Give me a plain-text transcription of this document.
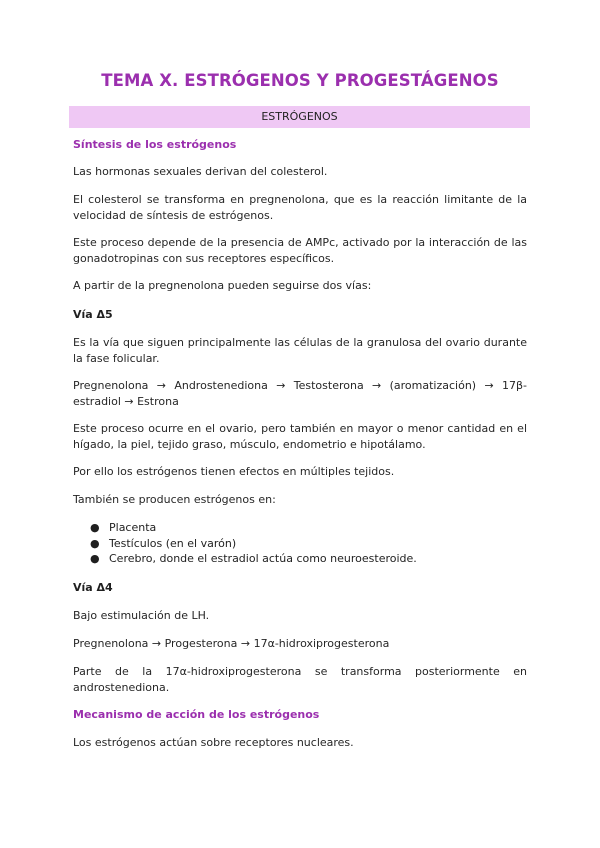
TEMA X. ESTRÓGENOS Y PROGESTÁGENOS
ESTRÓGENOS
Síntesis de los estrógenos
Las hormonas sexuales derivan del colesterol.
El colesterol se transforma en pregnenolona, que es la reacción limitante de la velocidad de síntesis de estrógenos.
Este proceso depende de la presencia de AMPc, activado por la interacción de las gonadotropinas con sus receptores específicos.
A partir de la pregnenolona pueden seguirse dos vías:
Vía Δ5
Es la vía que siguen principalmente las células de la granulosa del ovario durante la fase folicular.
Pregnenolona → Androstenediona → Testosterona → (aromatización) → 17β-estradiol → Estrona
Este proceso ocurre en el ovario, pero también en mayor o menor cantidad en el hígado, la piel, tejido graso, músculo, endometrio e hipotálamo.
Por ello los estrógenos tienen efectos en múltiples tejidos.
También se producen estrógenos en:
● Placenta
● Testículos (en el varón)
● Cerebro, donde el estradiol actúa como neuroesteroide.
Vía Δ4
Bajo estimulación de LH.
Pregnenolona → Progesterona → 17α-hidroxiprogesterona
Parte de la 17α-hidroxiprogesterona se transforma posteriormente en androstenediona.
Mecanismo de acción de los estrógenos
Los estrógenos actúan sobre receptores nucleares.
